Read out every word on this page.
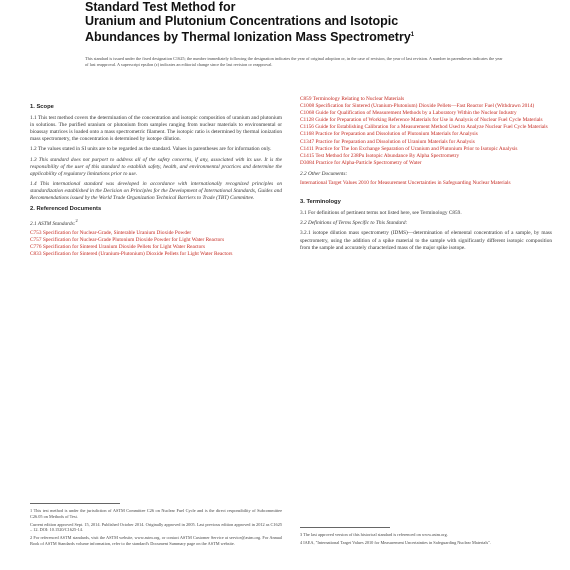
Standard Test Method for
Uranium and Plutonium Concentrations and Isotopic
Abundances by Thermal Ionization Mass Spectrometry$^1$
This standard is issued under the fixed designation C1625; the number immediately following the designation indicates the year of original adoption or, in the case of revision, the year of last revision. A number in parentheses indicates the year of last reapproval. A superscript epsilon (ε) indicates an editorial change since the last revision or reapproval.
1. Scope

1.1 This test method covers the determination of the concentration and isotopic composition of uranium and plutonium in solutions. The purified uranium or plutonium from samples ranging from nuclear materials to environmental or bioassay matrices is loaded onto a mass spectrometric filament. The isotopic ratio is determined by thermal ionization mass spectrometry, the concentration is determined by isotope dilution.

1.2 The values stated in SI units are to be regarded as the standard. Values in parentheses are for information only.

1.3 This standard does not purport to address all of the safety concerns, if any, associated with its use. It is the responsibility of the user of this standard to establish safety, health, and environmental practices and determine the applicability of regulatory limitations prior to use.

1.4 This international standard was developed in accordance with internationally recognized principles on standardization established in the Decision on Principles for the Development of International Standards, Guides and Recommendations issued by the World Trade Organization Technical Barriers to Trade (TBT) Committee.

2. Referenced Documents
2.1 ASTM Standards:$^2$
C753 Specification for Nuclear-Grade, Sinterable Uranium Dioxide Powder
C757 Specification for Nuclear-Grade Plutonium Dioxide Powder for Light Water Reactors
C776 Specification for Sintered Uranium Dioxide Pellets for Light Water Reactors
C833 Specification for Sintered (Uranium-Plutonium) Dioxide Pellets for Light Water Reactors
C859 Terminology Relating to Nuclear Materials
C1008 Specification for Sintered (Uranium-Plutonium) Dioxide Pellets—Fast Reactor Fuel (Withdrawn 2014)
C1068 Guide for Qualification of Measurement Methods by a Laboratory Within the Nuclear Industry
C1128 Guide for Preparation of Working Reference Materials for Use in Analysis of Nuclear Fuel Cycle Materials
C1156 Guide for Establishing Calibration for a Measurement Method Used to Analyze Nuclear Fuel Cycle Materials
C1168 Practice for Preparation and Dissolution of Plutonium Materials for Analysis
C1347 Practice for Preparation and Dissolution of Uranium Materials for Analysis
C1411 Practice for The Ion Exchange Separation of Uranium and Plutonium Prior to Isotopic Analysis
C1415 Test Method for 238Pu Isotopic Abundance By Alpha Spectrometry
D3084 Practice for Alpha-Particle Spectrometry of Water
2.2 Other Documents:
International Target Values 2010 for Measurement Uncertainties in Safeguarding Nuclear Materials
3. Terminology

3.1 For definitions of pertinent terms not listed here, see Terminology C859.

3.2 Definitions of Terms Specific to This Standard:

3.2.1 isotope dilution mass spectrometry (IDMS)—determination of elemental concentration of a sample, by mass spectrometry, using the addition of a spike material to the sample with significantly different isotopic composition from the sample and accurately characterized mass of the major spike isotope.

1 This test method is under the jurisdiction of ASTM Committee C26 on Nuclear Fuel Cycle and is the direct responsibility of Subcommittee C26.05 on Methods of Test.
Current edition approved Sept. 15, 2014. Published October 2014. Originally approved in 2005. Last previous edition approved in 2012 as C1625 – 12. DOI: 10.1520/C1625-14.
2 For referenced ASTM standards, visit the ASTM website, www.astm.org, or contact ASTM Customer Service at service@astm.org. For Annual Book of ASTM Standards volume information, refer to the standard's Document Summary page on the ASTM website.
3 The last approved version of this historical standard is referenced on www.astm.org.
4 IAEA, "International Target Values 2010 for Measurement Uncertainties in Safeguarding Nuclear Materials".
